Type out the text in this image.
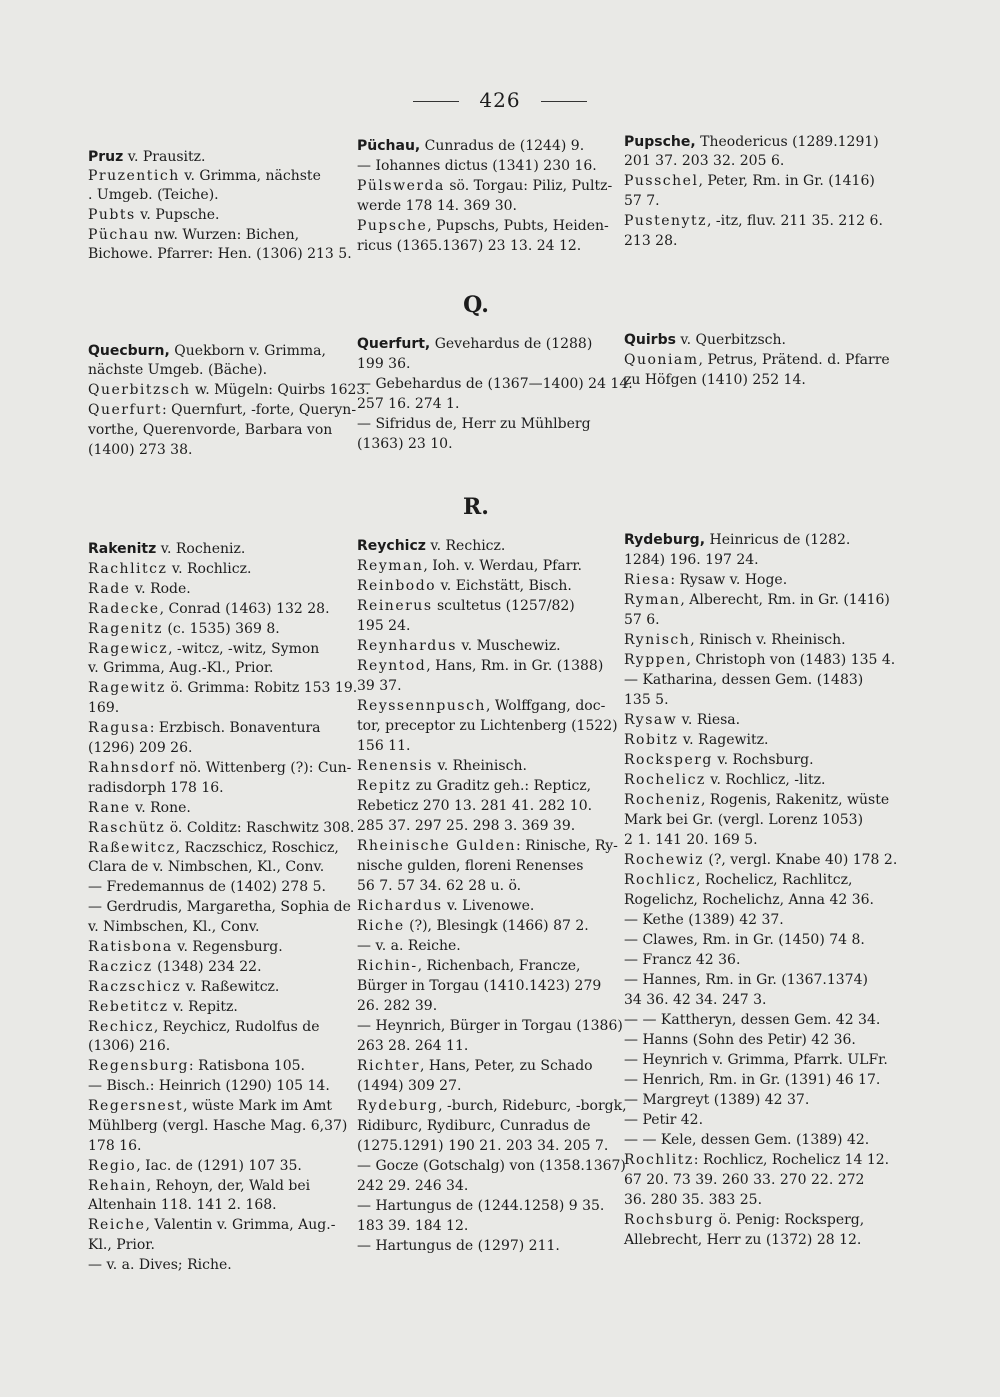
426
Q.
R.
Pruz v. Prausitz.
Pruzentich v. Grimma, nächste
. Umgeb. (Teiche).
Pubts v. Pupsche.
Püchau nw. Wurzen: Bichen,
Bichowe. Pfarrer: Hen. (1306) 213 5.
Quecburn, Quekborn v. Grimma,
nächste Umgeb. (Bäche).
Querbitzsch w. Mügeln: Quirbs 1623.
Querfurt: Quernfurt, -forte, Queryn-
vorthe, Querenvorde, Barbara von
(1400) 273 38.
Rakenitz v. Rocheniz.
Rachlitcz v. Rochlicz.
Rade v. Rode.
Radecke, Conrad (1463) 132 28.
Ragenitz (c. 1535) 369 8.
Ragewicz, -witcz, -witz, Symon
v. Grimma, Aug.-Kl., Prior.
Ragewitz ö. Grimma: Robitz 153 19.
169.
Ragusa: Erzbisch. Bonaventura
(1296) 209 26.
Rahnsdorf nö. Wittenberg (?): Cun-
radisdorph 178 16.
Rane v. Rone.
Raschütz ö. Colditz: Raschwitz 308.
Raßewitcz, Raczschicz, Roschicz,
Clara de v. Nimbschen, Kl., Conv.
— Fredemannus de (1402) 278 5.
— Gerdrudis, Margaretha, Sophia de
v. Nimbschen, Kl., Conv.
Ratisbona v. Regensburg.
Raczicz (1348) 234 22.
Raczschicz v. Raßewitcz.
Rebetitcz v. Repitz.
Rechicz, Reychicz, Rudolfus de
(1306) 216.
Regensburg: Ratisbona 105.
— Bisch.: Heinrich (1290) 105 14.
Regersnest, wüste Mark im Amt
Mühlberg (vergl. Hasche Mag. 6,37)
178 16.
Regio, Iac. de (1291) 107 35.
Rehain, Rehoyn, der, Wald bei
Altenhain 118. 141 2. 168.
Reiche, Valentin v. Grimma, Aug.-
Kl., Prior.
— v. a. Dives; Riche.
Püchau, Cunradus de (1244) 9.
— Iohannes dictus (1341) 230 16.
Pülswerda sö. Torgau: Piliz, Pultz-
werde 178 14. 369 30.
Pupsche, Pupschs, Pubts, Heiden-
ricus (1365.1367) 23 13. 24 12.
Querfurt, Gevehardus de (1288)
199 36.
— Gebehardus de (1367—1400) 24 14.
257 16. 274 1.
— Sifridus de, Herr zu Mühlberg
(1363) 23 10.
Reychicz v. Rechicz.
Reyman, Ioh. v. Werdau, Pfarr.
Reinbodo v. Eichstätt, Bisch.
Reinerus scultetus (1257/82)
195 24.
Reynhardus v. Muschewiz.
Reyntod, Hans, Rm. in Gr. (1388)
39 37.
Reyssennpusch, Wolffgang, doc-
tor, preceptor zu Lichtenberg (1522)
156 11.
Renensis v. Rheinisch.
Repitz zu Graditz geh.: Repticz,
Rebeticz 270 13. 281 41. 282 10.
285 37. 297 25. 298 3. 369 39.
Rheinische Gulden: Rinische, Ry-
nische gulden, floreni Renenses
56 7. 57 34. 62 28 u. ö.
Richardus v. Livenowe.
Riche (?), Blesingk (1466) 87 2.
— v. a. Reiche.
Richin-, Richenbach, Francze,
Bürger in Torgau (1410.1423) 279
26. 282 39.
— Heynrich, Bürger in Torgau (1386)
263 28. 264 11.
Richter, Hans, Peter, zu Schado
(1494) 309 27.
Rydeburg, -burch, Rideburc, -borgk,
Ridiburc, Rydiburc, Cunradus de
(1275.1291) 190 21. 203 34. 205 7.
— Gocze (Gotschalg) von (1358.1367)
242 29. 246 34.
— Hartungus de (1244.1258) 9 35.
183 39. 184 12.
— Hartungus de (1297) 211.
Pupsche, Theodericus (1289.1291)
201 37. 203 32. 205 6.
Pusschel, Peter, Rm. in Gr. (1416)
57 7.
Pustenytz, -itz, fluv. 211 35. 212 6.
213 28.
Quirbs v. Querbitzsch.
Quoniam, Petrus, Prätend. d. Pfarre
zu Höfgen (1410) 252 14.
Rydeburg, Heinricus de (1282.
1284) 196. 197 24.
Riesa: Rysaw v. Hoge.
Ryman, Alberecht, Rm. in Gr. (1416)
57 6.
Rynisch, Rinisch v. Rheinisch.
Ryppen, Christoph von (1483) 135 4.
— Katharina, dessen Gem. (1483)
135 5.
Rysaw v. Riesa.
Robitz v. Ragewitz.
Rocksperg v. Rochsburg.
Rochelicz v. Rochlicz, -litz.
Rocheniz, Rogenis, Rakenitz, wüste
Mark bei Gr. (vergl. Lorenz 1053)
2 1. 141 20. 169 5.
Rochewiz (?, vergl. Knabe 40) 178 2.
Rochlicz, Rochelicz, Rachlitcz,
Rogelichz, Rochelichz, Anna 42 36.
— Kethe (1389) 42 37.
— Clawes, Rm. in Gr. (1450) 74 8.
— Francz 42 36.
— Hannes, Rm. in Gr. (1367.1374)
34 36. 42 34. 247 3.
— — Kattheryn, dessen Gem. 42 34.
— Hanns (Sohn des Petir) 42 36.
— Heynrich v. Grimma, Pfarrk. ULFr.
— Henrich, Rm. in Gr. (1391) 46 17.
— Margreyt (1389) 42 37.
— Petir 42.
— — Kele, dessen Gem. (1389) 42.
Rochlitz: Rochlicz, Rochelicz 14 12.
67 20. 73 39. 260 33. 270 22. 272
36. 280 35. 383 25.
Rochsburg ö. Penig: Rocksperg,
Allebrecht, Herr zu (1372) 28 12.
